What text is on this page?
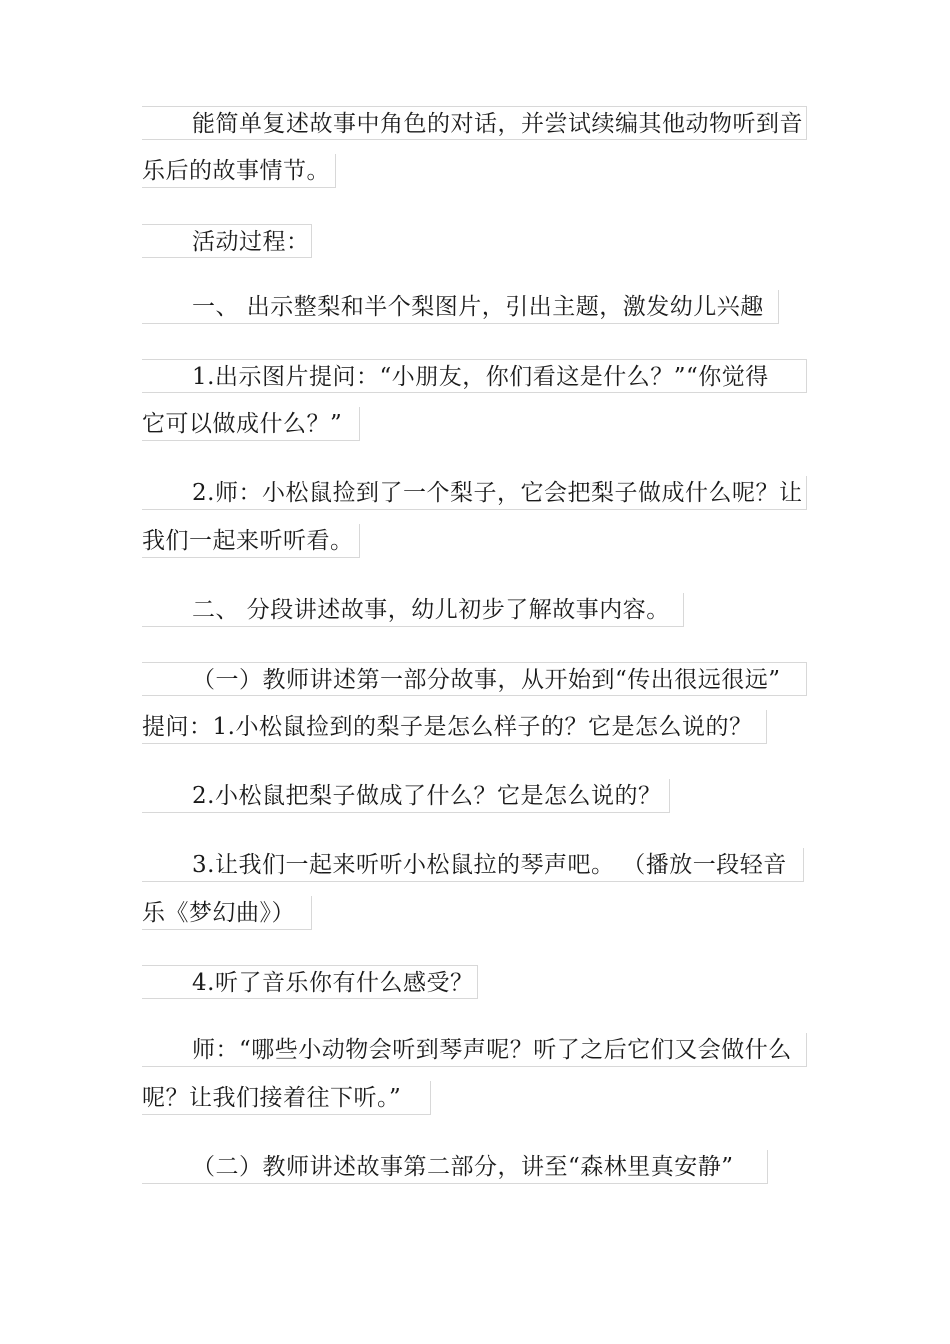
能简单复述故事中角色的对话，并尝试续编其他动物听到音
乐后的故事情节。
活动过程：
一、 出示整梨和半个梨图片，引出主题，激发幼儿兴趣
1.出示图片提问：“小朋友，你们看这是什么？”“你觉得
它可以做成什么？”
2.师：小松鼠捡到了一个梨子，它会把梨子做成什么呢？让
我们一起来听听看。
二、 分段讲述故事，幼儿初步了解故事内容。
（一）教师讲述第一部分故事，从开始到“传出很远很远”
提问：1.小松鼠捡到的梨子是怎么样子的？它是怎么说的？
2.小松鼠把梨子做成了什么？它是怎么说的？
3.让我们一起来听听小松鼠拉的琴声吧。 （播放一段轻音
乐《梦幻曲》）
4.听了音乐你有什么感受？
师：“哪些小动物会听到琴声呢？听了之后它们又会做什么
呢？让我们接着往下听。”
（二）教师讲述故事第二部分，讲至“森林里真安静”
